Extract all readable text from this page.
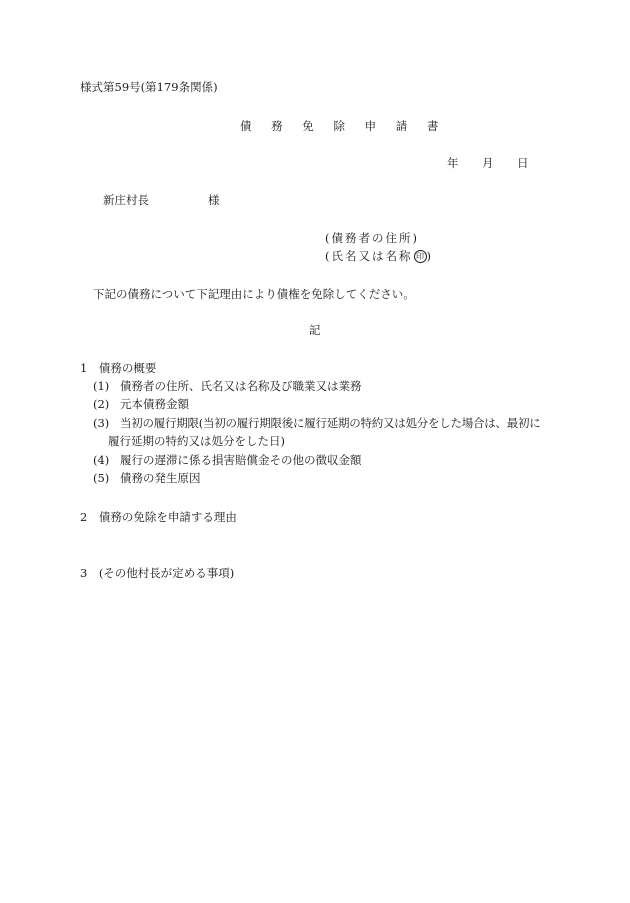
様式第59号(第179条関係)
債 務 免 除 申 請 書
年 月 日
新庄村長	様
(債務者の住所)
(氏名又は名称 印 )
下記の債務について下記理由により債権を免除してください。
記
1　債務の概要
(1) 債務者の住所、氏名又は名称及び職業又は業務
(2) 元本債務金額
(3) 当初の履行期限(当初の履行期限後に履行延期の特約又は処分をした場合は、最初に
履行延期の特約又は処分をした日)
(4) 履行の遅滞に係る損害賠償金その他の徴収金額
(5) 債務の発生原因
2　債務の免除を申請する理由
3　(その他村長が定める事項)
